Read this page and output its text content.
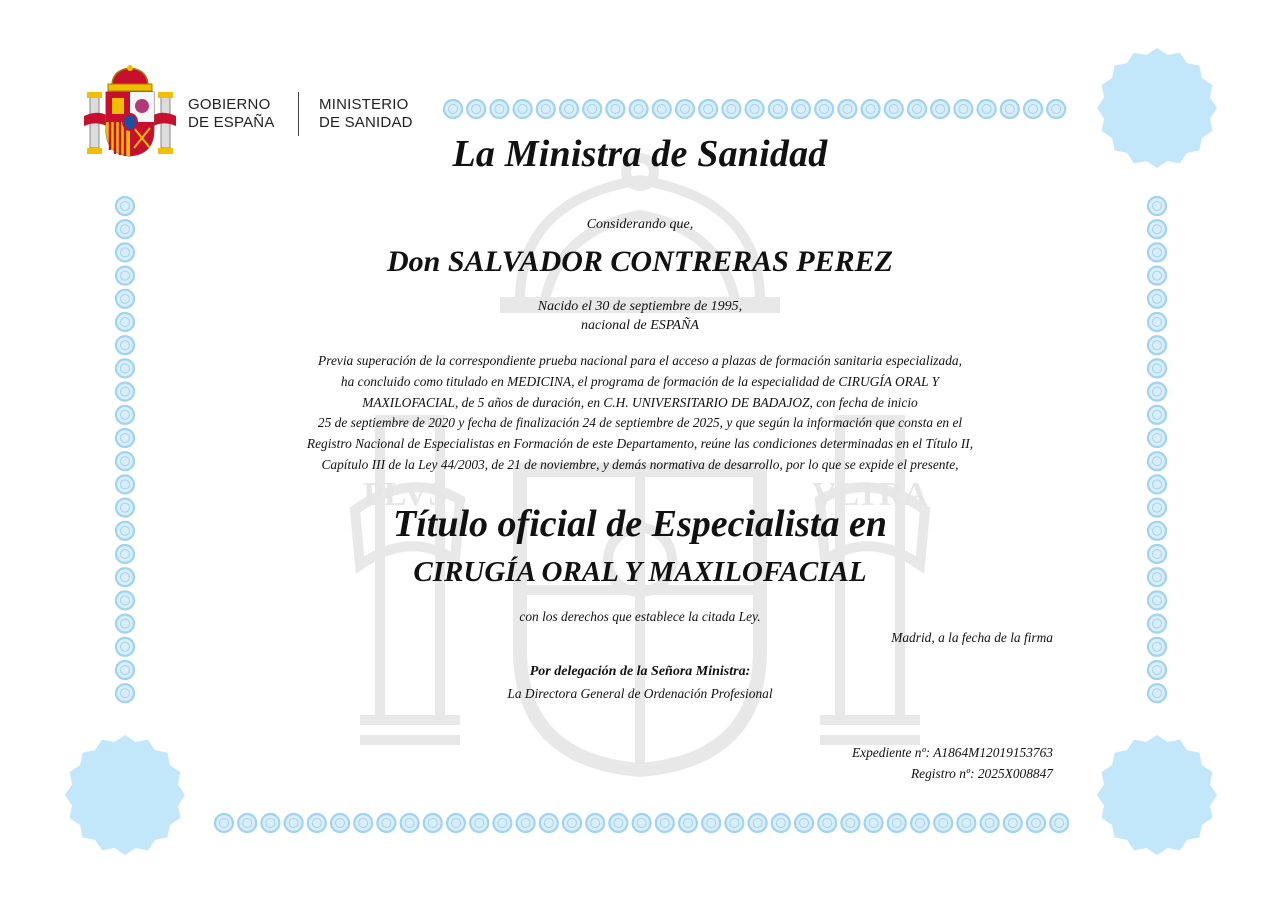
PLVS	VLTRA
GOBIERNO
DE ESPAÑA
MINISTERIO
DE SANIDAD
La Ministra de Sanidad
Considerando que,
Don SALVADOR CONTRERAS PEREZ
Nacido el 30 de septiembre de 1995,
nacional de ESPAÑA
Previa superación de la correspondiente prueba nacional para el acceso a plazas de formación sanitaria especializada,
ha concluido como titulado en MEDICINA, el programa de formación de la especialidad de CIRUGÍA ORAL Y
MAXILOFACIAL, de 5 años de duración, en C.H. UNIVERSITARIO DE BADAJOZ, con fecha de inicio
25 de septiembre de 2020 y fecha de finalización 24 de septiembre de 2025, y que según la información que consta en el
Registro Nacional de Especialistas en Formación de este Departamento, reúne las condiciones determinadas en el Título II,
Capítulo III de la Ley 44/2003, de 21 de noviembre, y demás normativa de desarrollo, por lo que se expide el presente,
Título oficial de Especialista en
CIRUGÍA ORAL Y MAXILOFACIAL
con los derechos que establece la citada Ley.
Madrid, a la fecha de la firma
Por delegación de la Señora Ministra:
La Directora General de Ordenación Profesional
Expediente nº: A1864M12019153763
Registro nº: 2025X008847
